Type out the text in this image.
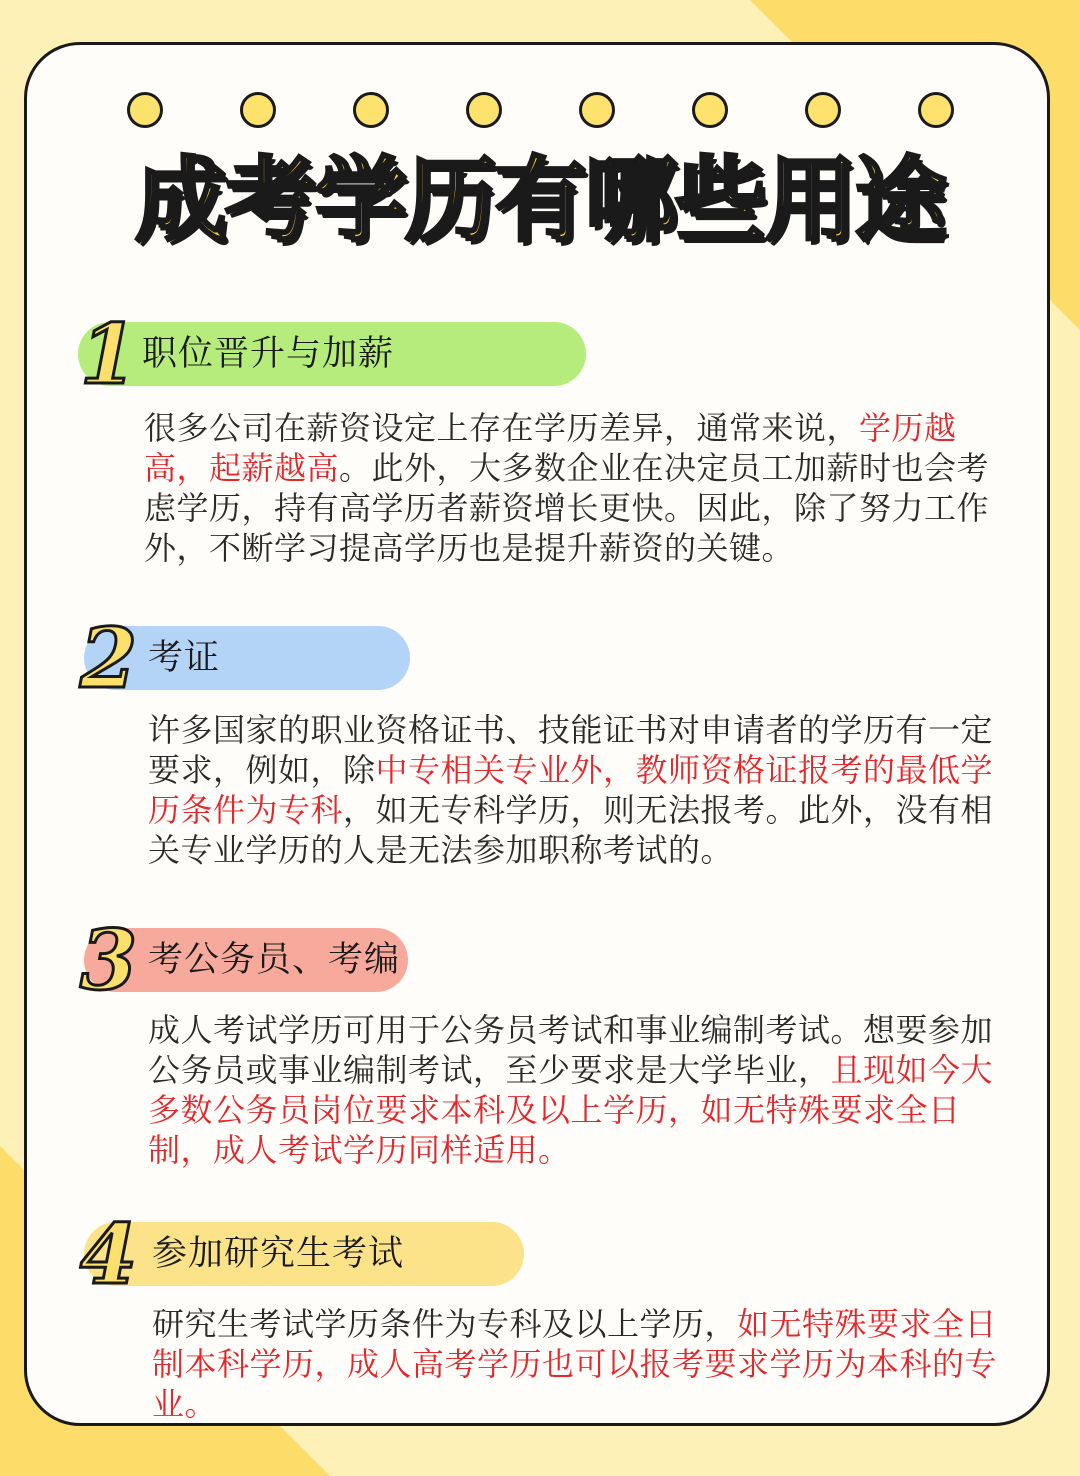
成考学历有哪些用途
1 职位晋升与加薪

很多公司在薪资设定上存在学历差异，通常来说，学历越高，起薪越高。此外，大多数企业在决定员工加薪时也会考虑学历，持有高学历者薪资增长更快。因此，除了努力工作外，不断学习提高学历也是提升薪资的关键。

2 考证

许多国家的职业资格证书、技能证书对申请者的学历有一定要求，例如，除中专相关专业外，教师资格证报考的最低学历条件为专科，如无专科学历，则无法报考。此外，没有相关专业学历的人是无法参加职称考试的。

3 考公务员、考编

成人考试学历可用于公务员考试和事业编制考试。想要参加公务员或事业编制考试，至少要求是大学毕业，且现如今大多数公务员岗位要求本科及以上学历，如无特殊要求全日制，成人考试学历同样适用。

4 参加研究生考试

研究生考试学历条件为专科及以上学历，如无特殊要求全日制本科学历，成人高考学历也可以报考要求学历为本科的专业。
